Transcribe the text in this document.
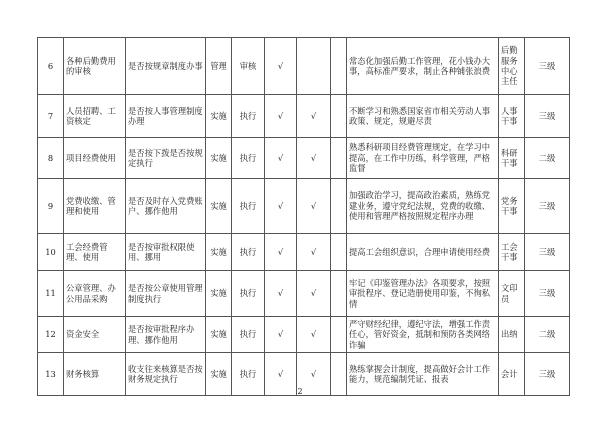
6	各种后勤费用的审核	是否按规章制度办事	管理	审核	√			常态化加强后勤工作管理，花小钱办大事，高标准严要求，制止各种铺张浪费	后勤服务中心主任	三级
7	人员招聘、工资核定	是否按人事管理制度办理	实施	执行	√	√		不断学习和熟悉国家省市相关劳动人事政策、规定，规避尽责	人事干事	三级
8	项目经费使用	是否按下拨是否按规定执行	实施	执行	√	√		熟悉科研项目经费管理规定，在学习中提高，在工作中历练，科学管理，严格监督	科研干事	二级
9	党费收缴、管理和使用	是否及时存入党费账户、挪作他用	实施	执行	√	√		加强政治学习，提高政治素质，熟练党建业务，遵守党纪法规，党费的收缴、使用和管理严格按照规定程序办理	党务干事	三级
10	工会经费管理、使用	是否按审批权限使用、挪用	实施	执行	√	√		提高工会组织意识，合理申请使用经费	工会干事	三级
11	公章管理、办公用品采购	是否按公章使用管理制度执行	实施	执行	√	√		牢记《印鉴管理办法》各项要求，按照审批程序、登记造册使用印鉴，不徇私情	文印员	三级
12	资金安全	是否按审批程序办理、挪作他用	实施	执行	√	√		严守财经纪律，遵纪守法，增强工作责任心，管好资金，抵制和预防各类网络诈骗	出纳	二级
13	财务核算	收支往来核算是否按财务规定执行	实施	执行	√	√		熟练掌握会计制度，提高做好会计工作能力，规范编制凭证、报表	会计	三级
2
